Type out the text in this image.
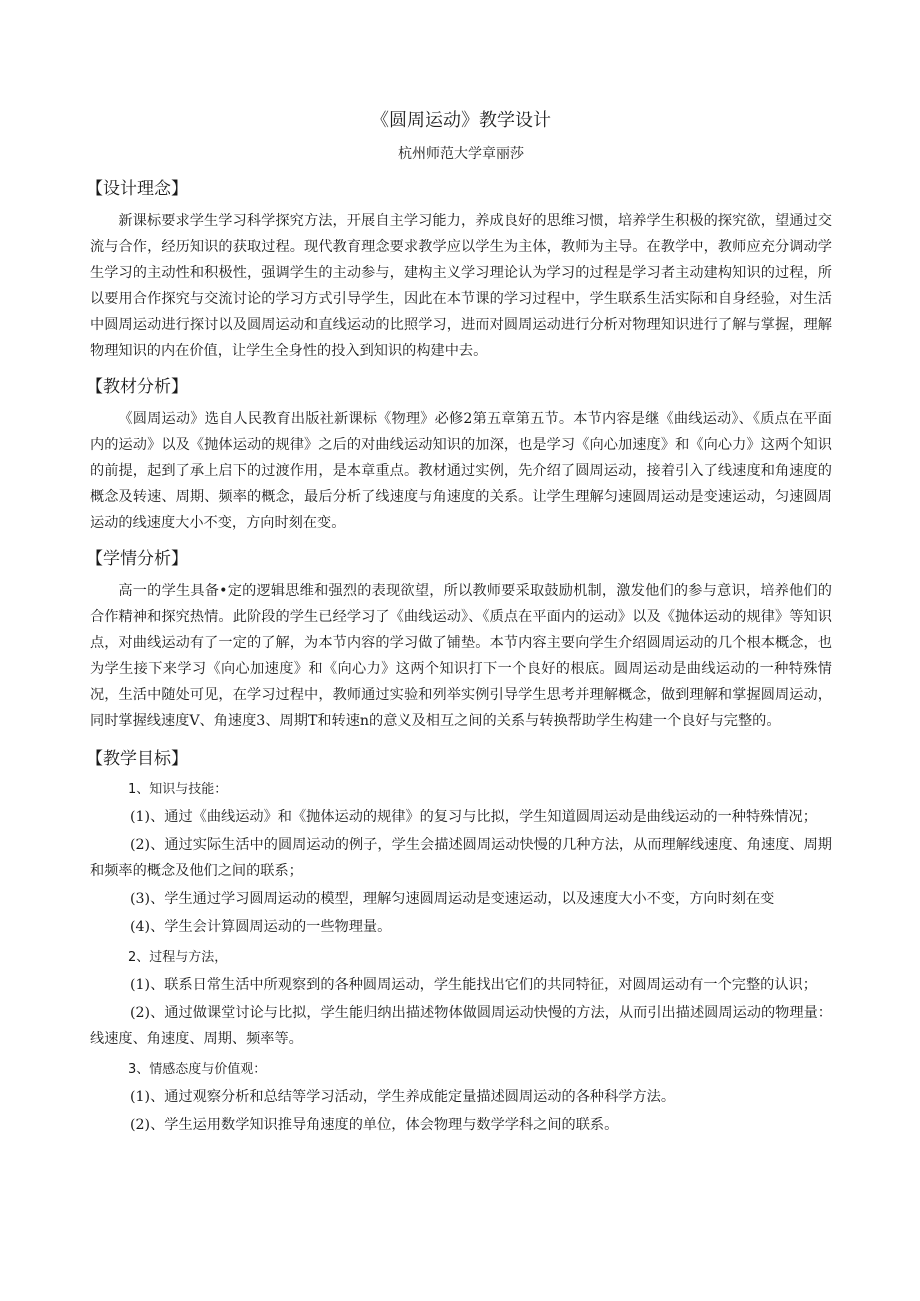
《圆周运动》教学设计
杭州师范大学章丽莎
【设计理念】

新课标要求学生学习科学探究方法，开展自主学习能力，养成良好的思维习惯，培养学生积极的探究欲，望通过交流与合作，经历知识的获取过程。现代教育理念要求教学应以学生为主体，教师为主导。在教学中，教师应充分调动学生学习的主动性和积极性，强调学生的主动参与，建构主义学习理论认为学习的过程是学习者主动建构知识的过程，所以要用合作探究与交流讨论的学习方式引导学生，因此在本节课的学习过程中，学生联系生活实际和自身经验，对生活中圆周运动进行探讨以及圆周运动和直线运动的比照学习，进而对圆周运动进行分析对物理知识进行了解与掌握，理解物理知识的内在价值，让学生全身性的投入到知识的构建中去。

【教材分析】

《圆周运动》选自人民教育出版社新课标《物理》必修2第五章第五节。本节内容是继《曲线运动》、《质点在平面内的运动》以及《抛体运动的规律》之后的对曲线运动知识的加深，也是学习《向心加速度》和《向心力》这两个知识的前提，起到了承上启下的过渡作用，是本章重点。教材通过实例，先介绍了圆周运动，接着引入了线速度和角速度的概念及转速、周期、频率的概念，最后分析了线速度与角速度的关系。让学生理解匀速圆周运动是变速运动，匀速圆周运动的线速度大小不变，方向时刻在变。

【学情分析】

高一的学生具备•定的逻辑思维和强烈的表现欲望，所以教师要采取鼓励机制，激发他们的参与意识，培养他们的合作精神和探究热情。此阶段的学生已经学习了《曲线运动》、《质点在平面内的运动》以及《抛体运动的规律》等知识点，对曲线运动有了一定的了解，为本节内容的学习做了铺垫。本节内容主要向学生介绍圆周运动的几个根本概念，也为学生接下来学习《向心加速度》和《向心力》这两个知识打下一个良好的根底。圆周运动是曲线运动的一种特殊情况，生活中随处可见，在学习过程中，教师通过实验和列举实例引导学生思考并理解概念，做到理解和掌握圆周运动，同时掌握线速度V、角速度3、周期T和转速n的意义及相互之间的关系与转换帮助学生构建一个良好与完整的。

【教学目标】
1、知识与技能：

(1)、通过《曲线运动》和《抛体运动的规律》的复习与比拟，学生知道圆周运动是曲线运动的一种特殊情况；

(2)、通过实际生活中的圆周运动的例子，学生会描述圆周运动快慢的几种方法，从而理解线速度、角速度、周期和频率的概念及他们之间的联系；

(3)、学生通过学习圆周运动的模型，理解匀速圆周运动是变速运动，以及速度大小不变，方向时刻在变

(4)、学生会计算圆周运动的一些物理量。

2、过程与方法，

(1)、联系日常生活中所观察到的各种圆周运动，学生能找出它们的共同特征，对圆周运动有一个完整的认识；

(2)、通过做课堂讨论与比拟，学生能归纳出描述物体做圆周运动快慢的方法，从而引出描述圆周运动的物理量：线速度、角速度、周期、频率等。

3、情感态度与价值观：

(1)、通过观察分析和总结等学习活动，学生养成能定量描述圆周运动的各种科学方法。

(2)、学生运用数学知识推导角速度的单位，体会物理与数学学科之间的联系。
